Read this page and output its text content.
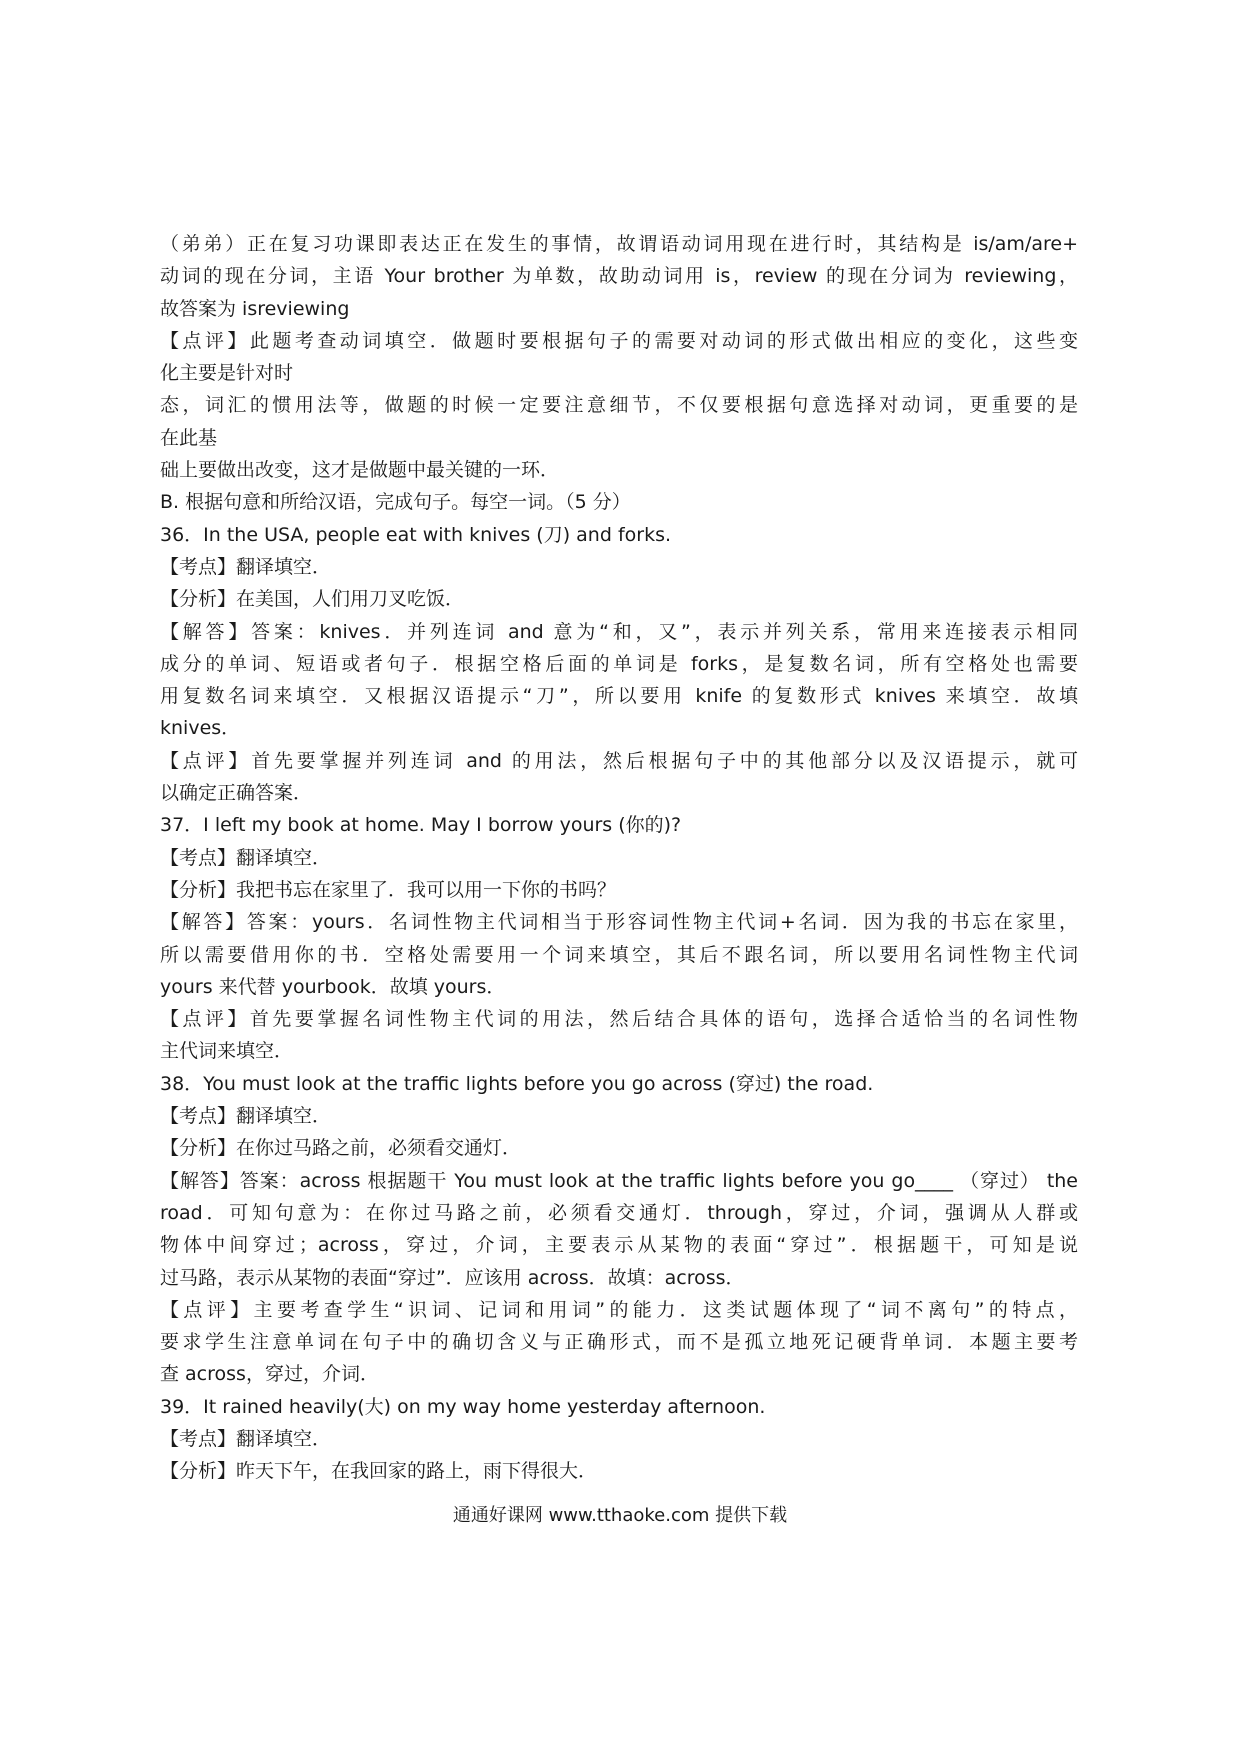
（弟弟）正在复习功课即表达正在发生的事情，故谓语动词用现在进行时，其结构是 is/am/are+
动词的现在分词，主语 Your brother 为单数，故助动词用 is，review 的现在分词为 reviewing，
故答案为 isreviewing
【点评】此题考查动词填空．做题时要根据句子的需要对动词的形式做出相应的变化，这些变
化主要是针对时
态，词汇的惯用法等，做题的时候一定要注意细节，不仅要根据句意选择对动词，更重要的是
在此基
础上要做出改变，这才是做题中最关键的一环．
B. 根据句意和所给汉语，完成句子。每空一词。（5 分）
36．In the USA, people eat with knives (刀) and forks.
【考点】翻译填空．
【分析】在美国，人们用刀叉吃饭．
【解答】答案：knives．并列连词 and 意为“和，又”，表示并列关系，常用来连接表示相同
成分的单词、短语或者句子．根据空格后面的单词是 forks，是复数名词，所有空格处也需要
用复数名词来填空．又根据汉语提示“刀”，所以要用 knife 的复数形式 knives 来填空．故填
knives．
【点评】首先要掌握并列连词 and 的用法，然后根据句子中的其他部分以及汉语提示，就可
以确定正确答案．
37．I left my book at home. May I borrow yours (你的)?
【考点】翻译填空．
【分析】我把书忘在家里了．我可以用一下你的书吗？
【解答】答案：yours．名词性物主代词相当于形容词性物主代词+名词．因为我的书忘在家里，
所以需要借用你的书．空格处需要用一个词来填空，其后不跟名词，所以要用名词性物主代词
yours 来代替 yourbook．故填 yours．
【点评】首先要掌握名词性物主代词的用法，然后结合具体的语句，选择合适恰当的名词性物
主代词来填空．
38．You must look at the traffic lights before you go across (穿过) the road.
【考点】翻译填空．
【分析】在你过马路之前，必须看交通灯．
【解答】答案：across 根据题干 You must look at the traffic lights before you go____ （穿过） the
road．可知句意为：在你过马路之前，必须看交通灯．through，穿过，介词，强调从人群或
物体中间穿过；across，穿过，介词，主要表示从某物的表面“穿过”．根据题干，可知是说
过马路，表示从某物的表面“穿过”．应该用 across．故填：across．
【点评】主要考查学生“识词、记词和用词”的能力．这类试题体现了“词不离句”的特点，
要求学生注意单词在句子中的确切含义与正确形式，而不是孤立地死记硬背单词．本题主要考
查 across，穿过，介词．
39．It rained heavily(大) on my way home yesterday afternoon.
【考点】翻译填空．
【分析】昨天下午，在我回家的路上，雨下得很大．
通通好课网 www.tthaoke.com 提供下载
